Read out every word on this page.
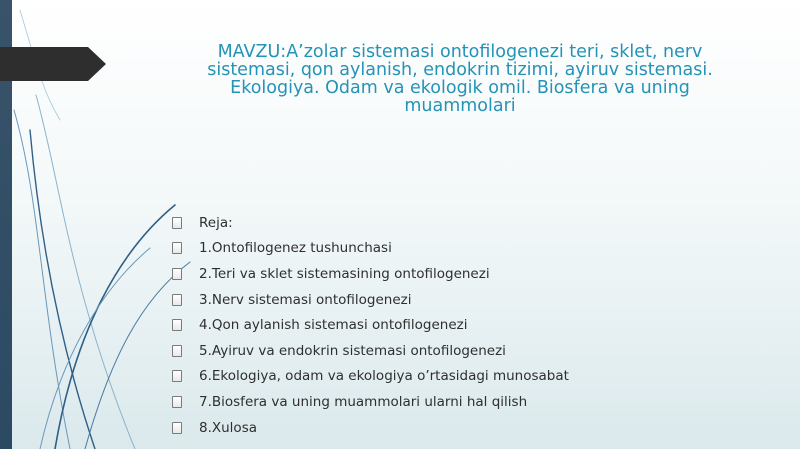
MAVZU:A’zolar sistemasi ontofilogenezi teri, sklet, nerv sistemasi, qon aylanish, endokrin tizimi, ayiruv sistemasi. Ekologiya. Odam va ekologik omil. Biosfera va uning muammolari
Reja:
1.Ontofilogenez tushunchasi
2.Teri va sklet sistemasining ontofilogenezi
3.Nerv sistemasi ontofilogenezi
4.Qon aylanish sistemasi ontofilogenezi
5.Ayiruv va endokrin sistemasi ontofilogenezi
6.Ekologiya, odam va ekologiya o’rtasidagi munosabat
7.Biosfera va uning muammolari ularni hal qilish
8.Xulosa
